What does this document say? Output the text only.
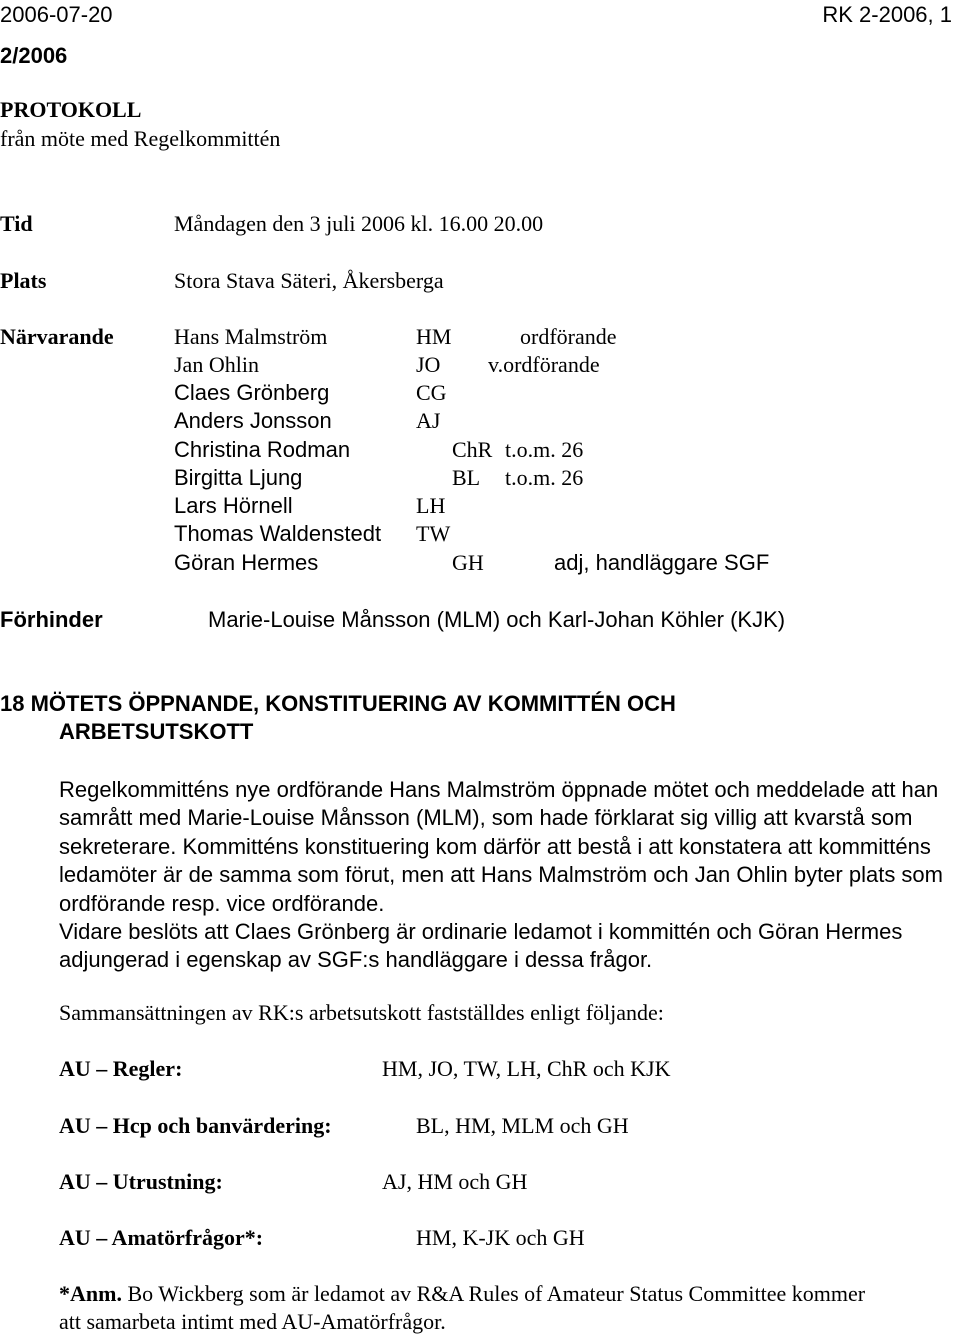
2006-07-20	RK 2-2006, 1
2/2006
PROTOKOLL
från möte med Regelkommittén
Tid	Måndagen den 3 juli 2006 kl. 16.00 20.00
Plats	Stora Stava Säteri, Åkersberga
Närvarande	Hans Malmström	HM	ordförande
Jan Ohlin	JO v.ordförande
Claes Grönberg	CG
Anders Jonsson	AJ
Christina Rodman	ChR t.o.m. 26
Birgitta Ljung	BL t.o.m. 26
Lars Hörnell	LH
Thomas Waldenstedt TW
Göran Hermes	GH	adj, handläggare SGF
Förhinder	Marie-Louise Månsson (MLM) och Karl-Johan Köhler (KJK)
18 MÖTETS ÖPPNANDE, KONSTITUERING AV KOMMITTÉN OCH
ARBETSUTSKOTT
Regelkommitténs nye ordförande Hans Malmström öppnade mötet och meddelade att han
samrått med Marie-Louise Månsson (MLM), som hade förklarat sig villig att kvarstå som
sekreterare. Kommitténs konstituering kom därför att bestå i att konstatera att kommitténs
ledamöter är de samma som förut, men att Hans Malmström och Jan Ohlin byter plats som
ordförande resp. vice ordförande.
Vidare beslöts att Claes Grönberg är ordinarie ledamot i kommittén och Göran Hermes
adjungerad i egenskap av SGF:s handläggare i dessa frågor.
Sammansättningen av RK:s arbetsutskott fastställdes enligt följande:
AU – Regler:	HM, JO, TW, LH, ChR och KJK
AU – Hcp och banvärdering:	BL, HM, MLM och GH
AU – Utrustning:	AJ, HM och GH
AU – Amatörfrågor*:	HM, K-JK och GH
*Anm. Bo Wickberg som är ledamot av R&A Rules of Amateur Status Committee kommer
att samarbeta intimt med AU-Amatörfrågor.
